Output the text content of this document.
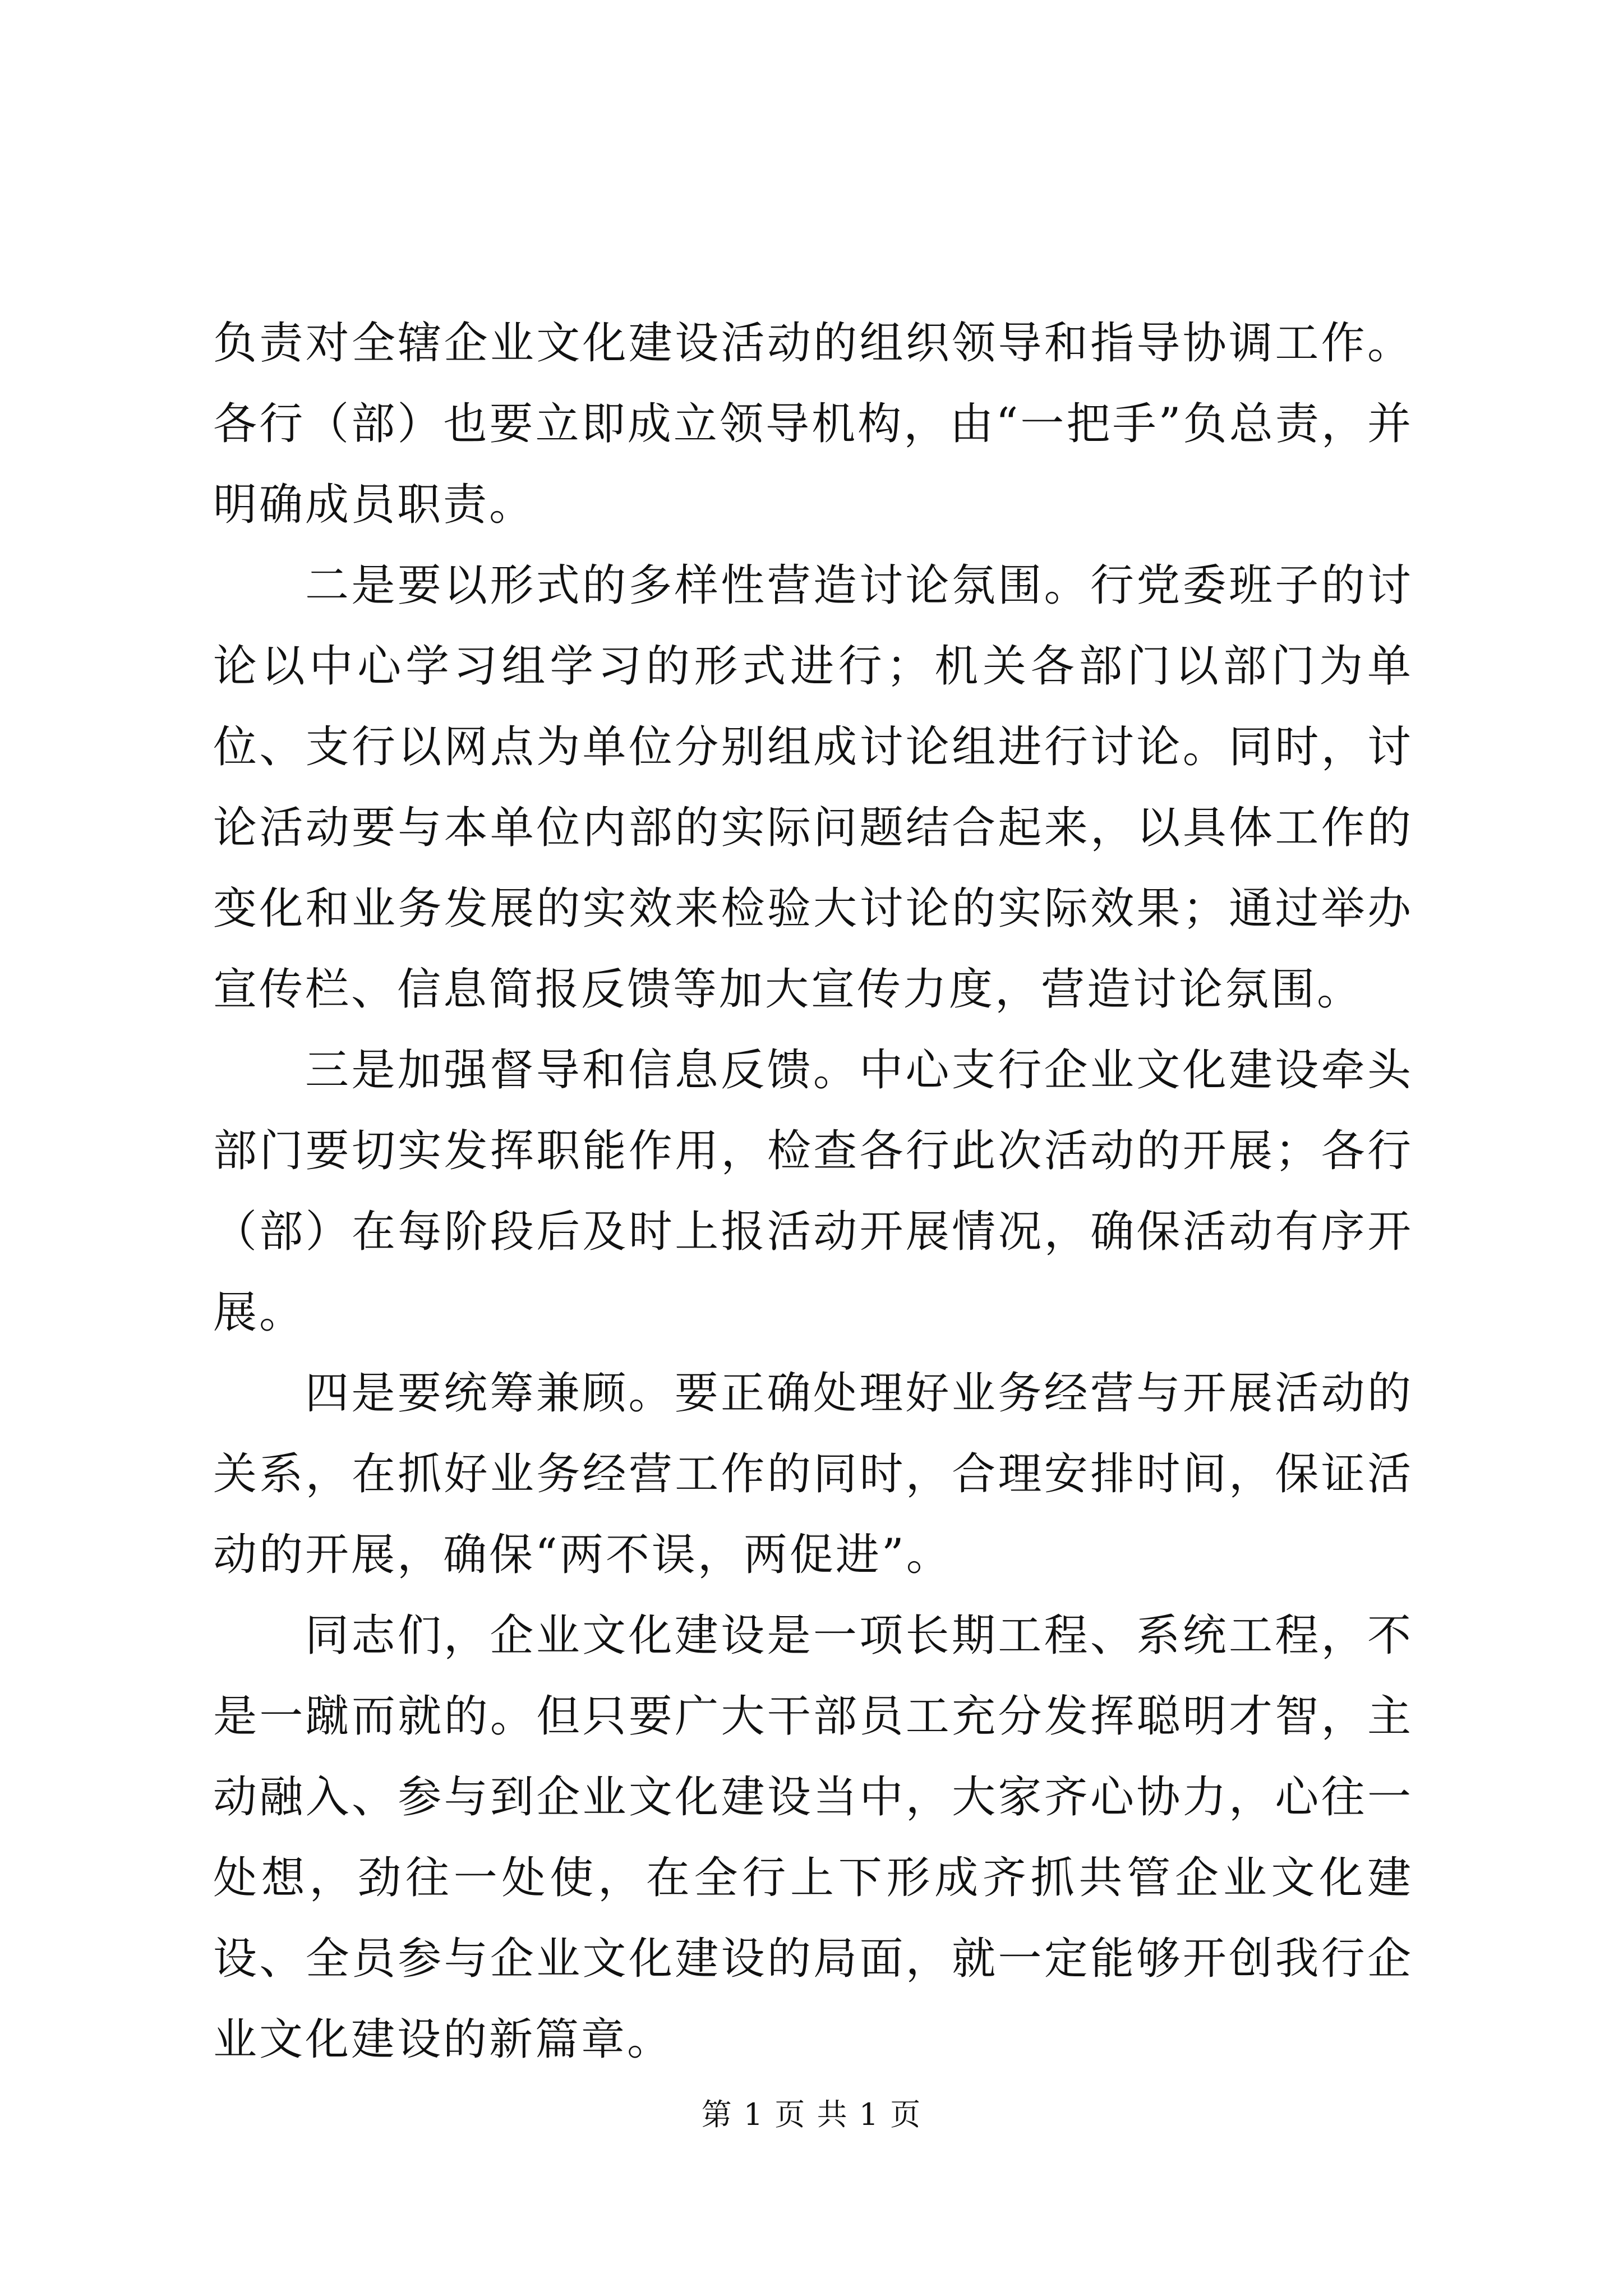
负责对全辖企业文化建设活动的组织领导和指导协调工作。各行（部）也要立即成立领导机构，由“一把手”负总责，并明确成员职责。

二是要以形式的多样性营造讨论氛围。行党委班子的讨论以中心学习组学习的形式进行；机关各部门以部门为单位、支行以网点为单位分别组成讨论组进行讨论。同时，讨论活动要与本单位内部的实际问题结合起来，以具体工作的变化和业务发展的实效来检验大讨论的实际效果；通过举办宣传栏、信息简报反馈等加大宣传力度，营造讨论氛围。

三是加强督导和信息反馈。中心支行企业文化建设牵头部门要切实发挥职能作用，检查各行此次活动的开展；各行（部）在每阶段后及时上报活动开展情况，确保活动有序开展。

四是要统筹兼顾。要正确处理好业务经营与开展活动的关系，在抓好业务经营工作的同时，合理安排时间，保证活动的开展，确保“两不误，两促进”。

同志们，企业文化建设是一项长期工程、系统工程，不是一蹴而就的。但只要广大干部员工充分发挥聪明才智，主动融入、参与到企业文化建设当中，大家齐心协力，心往一处想，劲往一处使，在全行上下形成齐抓共管企业文化建设、全员参与企业文化建设的局面，就一定能够开创我行企业文化建设的新篇章。

第 1 页 共 1 页
